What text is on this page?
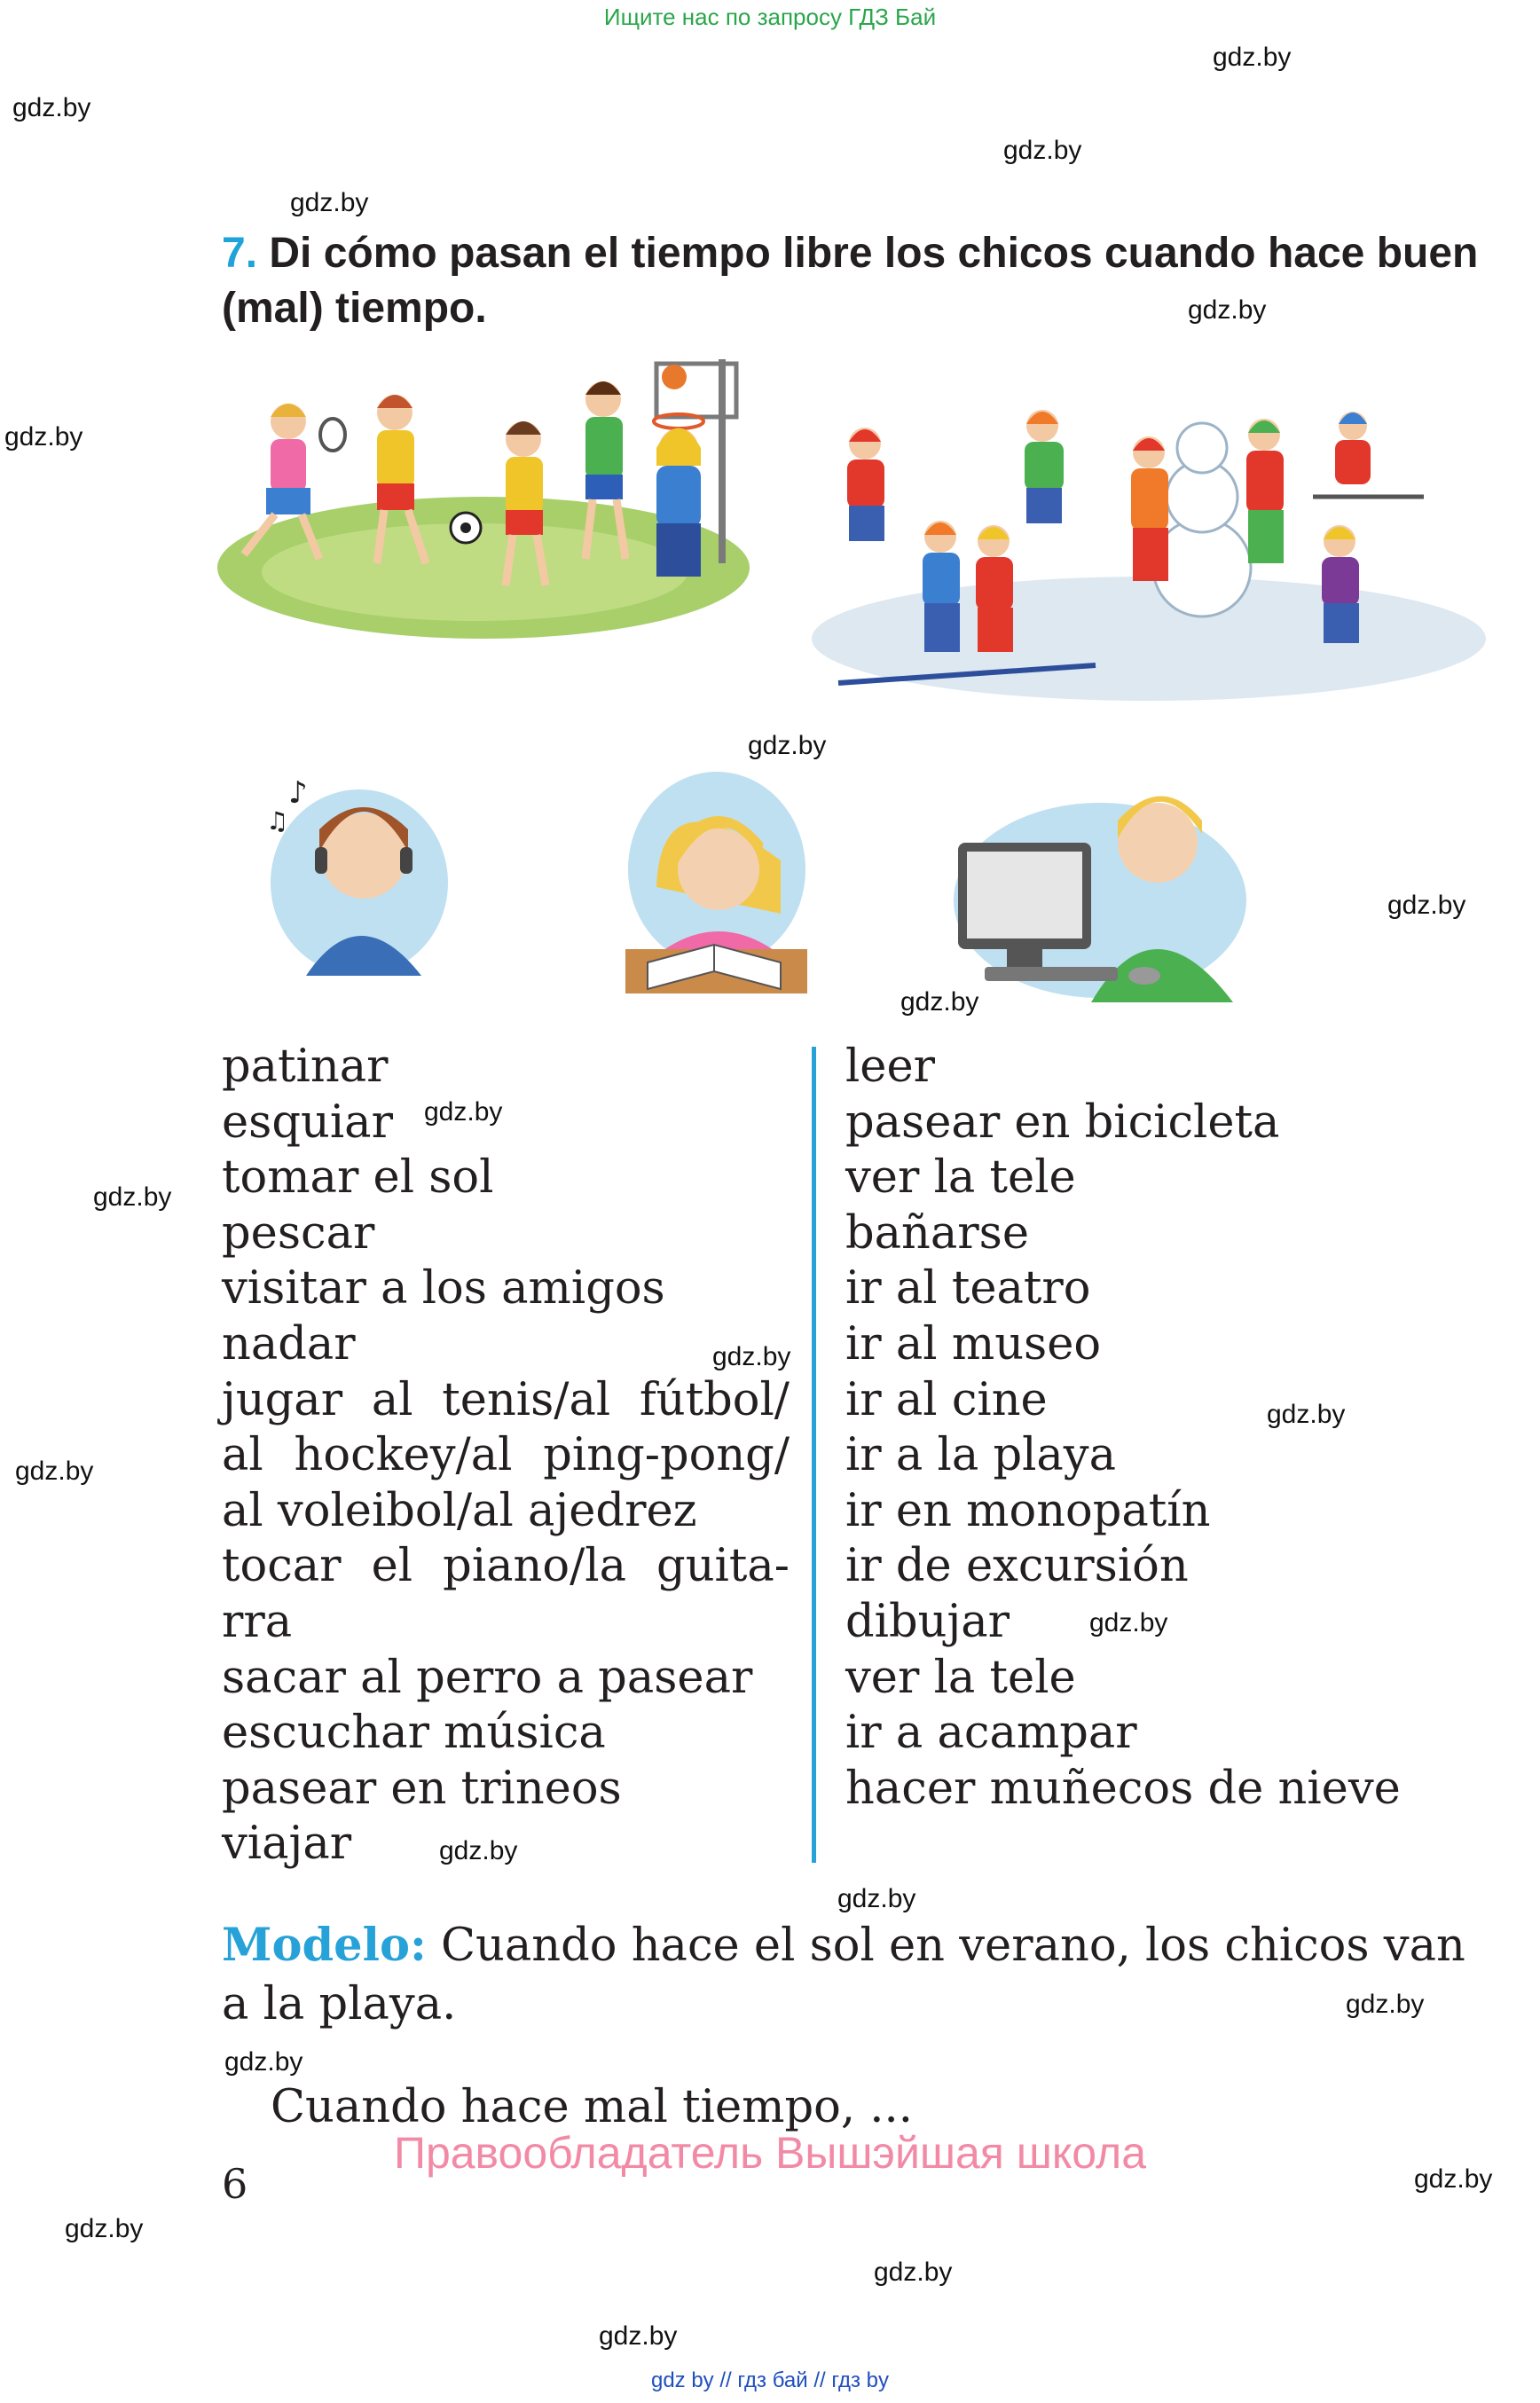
Ищите нас по запросу ГДЗ Бай
gdz by // гдз бай // гдз by
gdz.by
gdz.by
gdz.by
gdz.by
gdz.by
gdz.by
gdz.by
gdz.by
gdz.by
gdz.by
gdz.by
gdz.by
gdz.by
gdz.by
gdz.by
gdz.by
gdz.by
gdz.by
gdz.by
gdz.by
gdz.by
gdz.by
gdz.by
7. Di cómo pasan el tiempo libre los chicos cuando hace buen (mal) tiempo.
♪
♫
patinar
esquiar
tomar el sol
pescar
visitar a los amigos
nadar
jugar al tenis/al fútbol/
al hockey/al ping-pong/
al voleibol/al ajedrez
tocar el piano/la guita-
rra
sacar al perro a pasear
escuchar música
pasear en trineos
viajar
leer
pasear en bicicleta
ver la tele
bañarse
ir al teatro
ir al museo
ir al cine
ir a la playa
ir en monopatín
ir de excursión
dibujar
ver la tele
ir a acampar
hacer muñecos de nieve
Modelo: Cuando hace el sol en verano, los chicos van a la playa.
Cuando hace mal tiempo, ...
6
Правообладатель Вышэйшая школа
